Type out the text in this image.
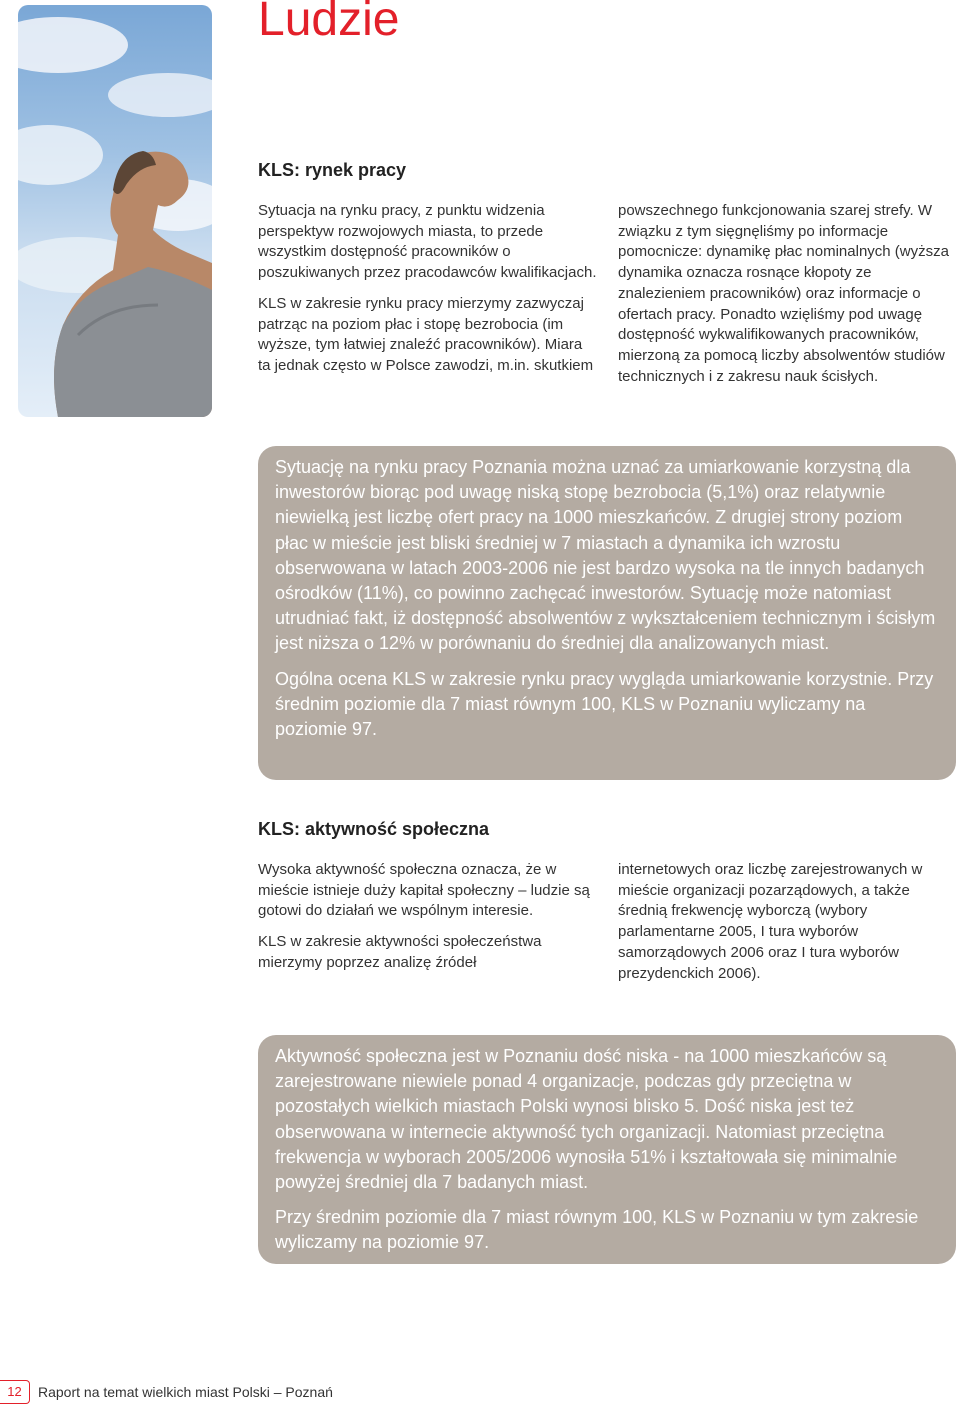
Ludzie
KLS: rynek pracy

Sytuacja na rynku pracy, z punktu widzenia perspektyw rozwojowych miasta, to przede wszystkim dostępność pracowników o poszukiwanych przez pracodawców kwalifikacjach.

KLS w zakresie rynku pracy mierzymy zazwyczaj patrząc na poziom płac i stopę bezrobocia (im wyższe, tym łatwiej znaleźć pracowników). Miara ta jednak często w Polsce zawodzi, m.in. skutkiem

powszechnego funkcjonowania szarej strefy. W związku z tym sięgnęliśmy po informacje pomocnicze: dynamikę płac nominalnych (wyższa dynamika oznacza rosnące kłopoty ze znalezieniem pracowników) oraz informacje o ofertach pracy. Ponadto wzięliśmy pod uwagę dostępność wykwalifikowanych pracowników, mierzoną za pomocą liczby absolwentów studiów technicznych i z zakresu nauk ścisłych.

Sytuację na rynku pracy Poznania można uznać za umiarkowanie korzystną dla inwestorów biorąc pod uwagę niską stopę bezrobocia (5,1%) oraz relatywnie niewielką jest liczbę ofert pracy na 1000 mieszkańców. Z drugiej strony poziom płac w mieście jest bliski średniej w 7 miastach a dynamika ich wzrostu obserwowana w latach 2003-2006 nie jest bardzo wysoka na tle innych badanych ośrodków (11%), co powinno zachęcać inwestorów. Sytuację może natomiast utrudniać fakt, iż dostępność absolwentów z wykształceniem technicznym i ścisłym jest niższa o 12% w porównaniu do średniej dla analizowanych miast.

Ogólna ocena KLS w zakresie rynku pracy wygląda umiarkowanie korzystnie. Przy średnim poziomie dla 7 miast równym 100, KLS w Poznaniu wyliczamy na poziomie 97.

KLS: aktywność społeczna

Wysoka aktywność społeczna oznacza, że w mieście istnieje duży kapitał społeczny – ludzie są gotowi do działań we wspólnym interesie.

KLS w zakresie aktywności społeczeństwa mierzymy poprzez analizę źródeł

internetowych oraz liczbę zarejestrowanych w mieście organizacji pozarządowych, a także średnią frekwencję wyborczą (wybory parlamentarne 2005, I tura wyborów samorządowych 2006 oraz I tura wyborów prezydenckich 2006).

Aktywność społeczna jest w Poznaniu dość niska - na 1000 mieszkańców są zarejestrowane niewiele ponad 4 organizacje, podczas gdy przeciętna w pozostałych wielkich miastach Polski wynosi blisko 5. Dość niska jest też obserwowana w internecie aktywność tych organizacji. Natomiast przeciętna frekwencja w wyborach 2005/2006 wynosiła 51% i kształtowała się minimalnie powyżej średniej dla 7 badanych miast.

Przy średnim poziomie dla 7 miast równym 100, KLS w Poznaniu w tym zakresie wyliczamy na poziomie 97.

12	Raport na temat wielkich miast Polski – Poznań
